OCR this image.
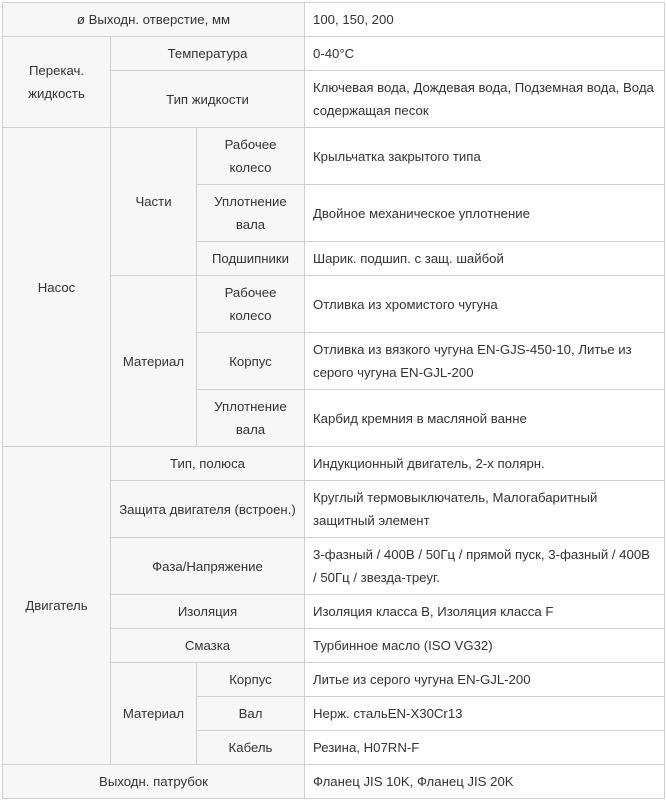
ø Выходн. отверстие, мм			100, 150, 200
Перекач. жидкость	Температура		0-40°C
	Тип жидкости		Ключевая вода, Дождевая вода, Подземная вода, Вода содержащая песок
Насос	Части	Рабочее колесо	Крыльчатка закрытого типа
		Уплотнение вала	Двойное механическое уплотнение
		Подшипники	Шарик. подшип. с защ. шайбой
	Материал	Рабочее колесо	Отливка из хромистого чугуна
		Корпус	Отливка из вязкого чугуна EN-GJS-450-10, Литье из серого чугуна EN-GJL-200
		Уплотнение вала	Карбид кремния в масляной ванне
Двигатель	Тип, полюса		Индукционный двигатель, 2-х полярн.
	Защита двигателя (встроен.)		Круглый термовыключатель, Малогабаритный защитный элемент
	Фаза/Напряжение		3-фазный / 400В / 50Гц / прямой пуск, 3-фазный / 400В / 50Гц / звезда-треуг.
	Изоляция		Изоляция класса B, Изоляция класса F
	Смазка		Турбинное масло (ISO VG32)
	Материал	Корпус	Литье из серого чугуна EN-GJL-200
		Вал	Нерж. стальEN-X30Cr13
		Кабель	Резина, H07RN-F
Выходн. патрубок			Фланец JIS 10K, Фланец JIS 20K
